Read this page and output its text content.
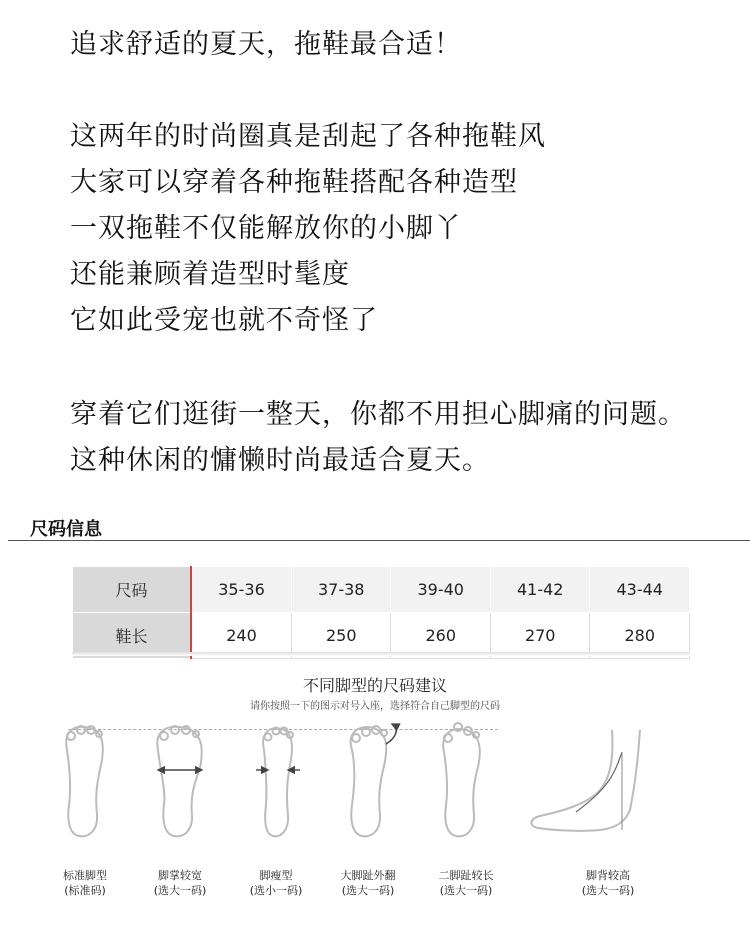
追求舒适的夏天，拖鞋最合适！
这两年的时尚圈真是刮起了各种拖鞋风
大家可以穿着各种拖鞋搭配各种造型
一双拖鞋不仅能解放你的小脚丫
还能兼顾着造型时髦度
它如此受宠也就不奇怪了
穿着它们逛街一整天，你都不用担心脚痛的问题。
这种休闲的慵懒时尚最适合夏天。
尺码信息
尺码	35-36	37-38	39-40	41-42	43-44
鞋长	240	250	260	270	280
不同脚型的尺码建议
请你按照一下的图示对号入座，选择符合自己脚型的尺码
标准脚型
(标准码)
脚掌较宽
(选大一码)
脚瘦型
(选小一码)
大脚趾外翻
(选大一码)
二脚趾较长
(选大一码)
脚背较高
(选大一码)
